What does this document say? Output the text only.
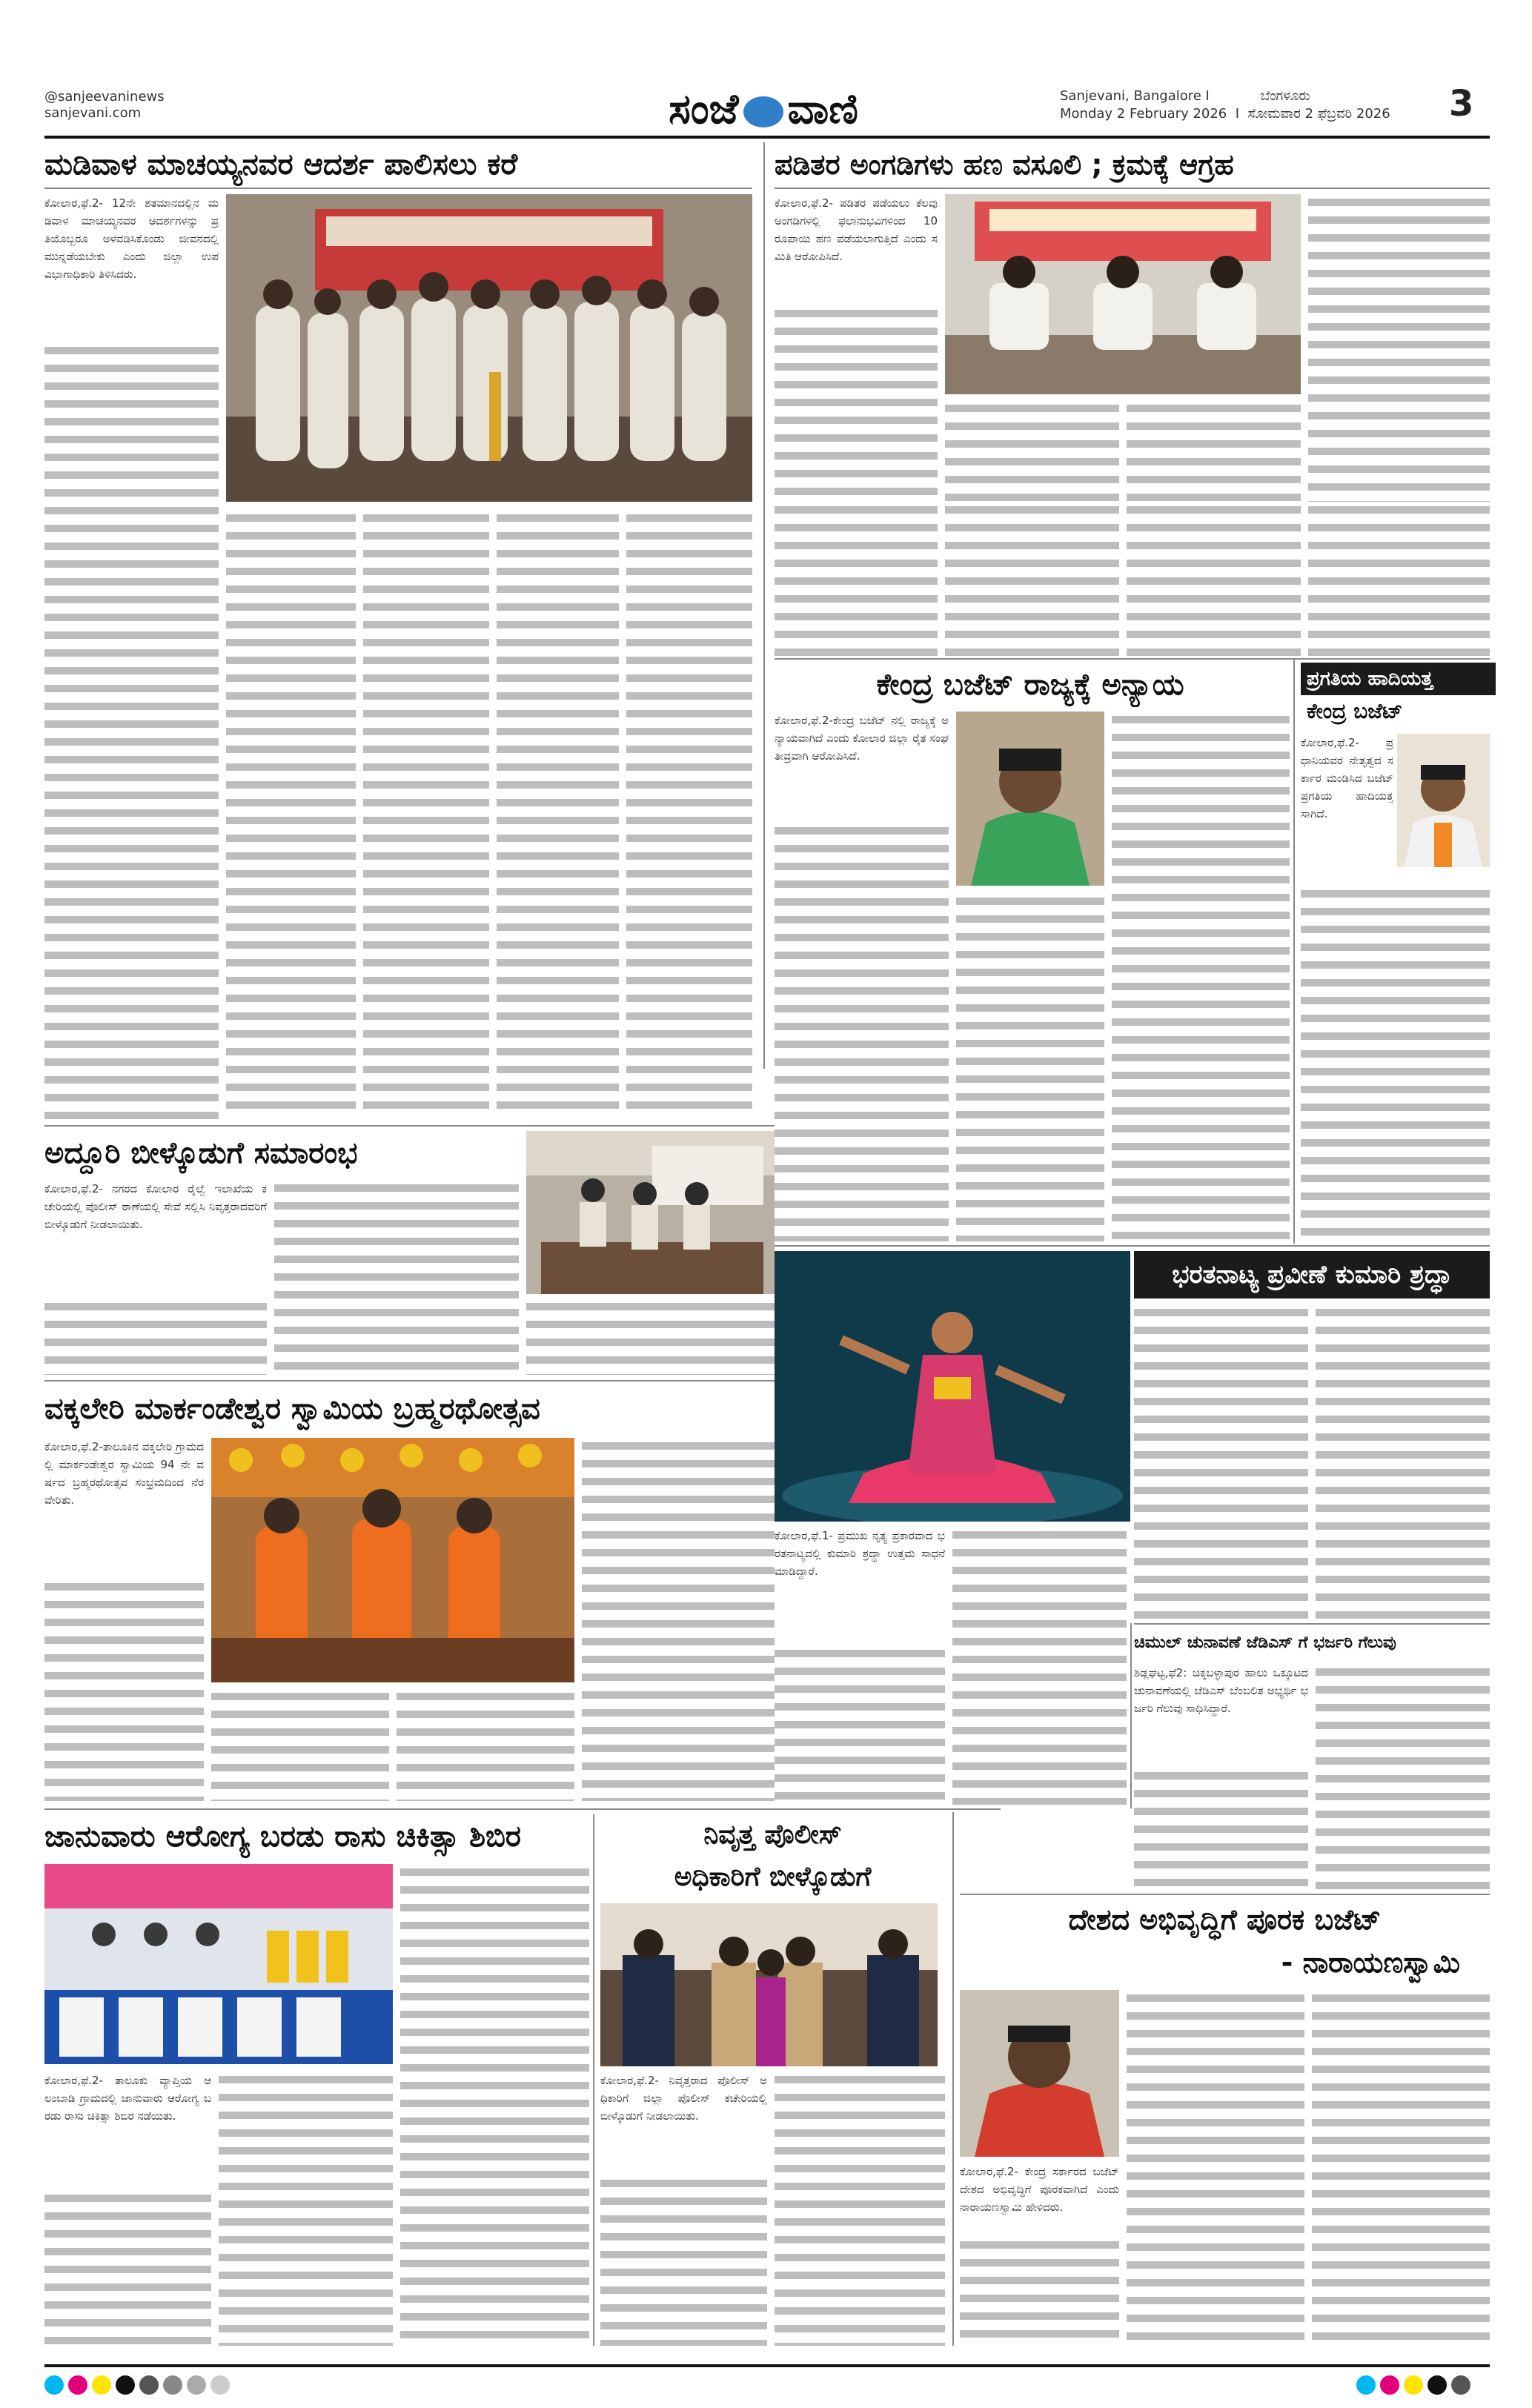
@sanjeevaninews
sanjevani.com	ಸಂಜೆ ವಾಣಿ	Sanjevani, Bangalore I	ಬೆಂಗಳೂರು
Monday 2 February 2026  I  ಸೋಮವಾರ 2 ಫೆಬ್ರವರಿ 2026 3
ಮಡಿವಾಳ ಮಾಚಯ್ಯನವರ ಆದರ್ಶ ಪಾಲಿಸಲು ಕರೆ
ಕೋಲಾರ,ಫೆ.2- 12ನೇ ಶತಮಾನದಲ್ಲಿನ ಮಡಿವಾಳ ಮಾಚಯ್ಯನವರ ಆದರ್ಶಗಳನ್ನು ಪ್ರತಿಯೊಬ್ಬರೂ ಅಳವಡಿಸಿಕೊಂಡು ಜೀವನದಲ್ಲಿ ಮುನ್ನಡೆಯಬೇಕು ಎಂದು ಜಿಲ್ಲಾ ಉಪವಿಭಾಗಾಧಿಕಾರಿ ತಿಳಿಸಿದರು.
ಅದ್ದೂರಿ ಬೀಳ್ಕೊಡುಗೆ ಸಮಾರಂಭ
ಕೋಲಾರ,ಫೆ.2- ನಗರದ ಕೋಲಾರ ರೈಲ್ವೆ ಇಲಾಖೆಯ ಕಚೇರಿಯಲ್ಲಿ ಪೊಲೀಸ್ ಠಾಣೆಯಲ್ಲಿ ಸೇವೆ ಸಲ್ಲಿಸಿ ನಿವೃತ್ತರಾದವರಿಗೆ ಬೀಳ್ಕೊಡುಗೆ ನೀಡಲಾಯಿತು.
ವಕ್ಕಲೇರಿ ಮಾರ್ಕಂಡೇಶ್ವರ ಸ್ವಾಮಿಯ ಬ್ರಹ್ಮರಥೋತ್ಸವ
ಕೋಲಾರ,ಫೆ.2-ತಾಲೂಕಿನ ವಕ್ಕಲೇರಿ ಗ್ರಾಮದಲ್ಲಿ ಮಾರ್ಕಂಡೇಶ್ವರ ಸ್ವಾಮಿಯ 94 ನೇ ವರ್ಷದ ಬ್ರಹ್ಮರಥೋತ್ಸವ ಸಂಭ್ರಮದಿಂದ ನೆರವೇರಿತು.
ಜಾನುವಾರು ಆರೋಗ್ಯ ಬರಡು ರಾಸು ಚಿಕಿತ್ಸಾ ಶಿಬಿರ
ಕೋಲಾರ,ಫೆ.2- ತಾಲೂಕು ವ್ಯಾಪ್ತಿಯ ಆಲಂಬಾಡಿ ಗ್ರಾಮದಲ್ಲಿ ಜಾನುವಾರು ಆರೋಗ್ಯ ಬರಡು ರಾಸು ಚಿಕಿತ್ಸಾ ಶಿಬಿರ ನಡೆಯಿತು.
ನಿವೃತ್ತ ಪೊಲೀಸ್
ಅಧಿಕಾರಿಗೆ ಬೀಳ್ಕೊಡುಗೆ
ಕೋಲಾರ,ಫೆ.2- ನಿವೃತ್ತರಾದ ಪೊಲೀಸ್ ಅಧಿಕಾರಿಗೆ ಜಿಲ್ಲಾ ಪೊಲೀಸ್ ಕಚೇರಿಯಲ್ಲಿ ಬೀಳ್ಕೊಡುಗೆ ನೀಡಲಾಯಿತು.
ಪಡಿತರ ಅಂಗಡಿಗಳು ಹಣ ವಸೂಲಿ ; ಕ್ರಮಕ್ಕೆ ಆಗ್ರಹ
ಕೋಲಾರ,ಫೆ.2- ಪಡಿತರ ಪಡೆಯಲು ಕೆಲವು ಅಂಗಡಿಗಳಲ್ಲಿ ಫಲಾನುಭವಿಗಳಿಂದ 10 ರೂಪಾಯಿ ಹಣ ಪಡೆಯಲಾಗುತ್ತಿದೆ ಎಂದು ಸಮಿತಿ ಆರೋಪಿಸಿದೆ.
ಕೇಂದ್ರ ಬಜೆಟ್ ರಾಜ್ಯಕ್ಕೆ ಅನ್ಯಾಯ
ಕೋಲಾರ,ಫೆ.2-ಕೇಂದ್ರ ಬಜೆಟ್ ನಲ್ಲಿ ರಾಜ್ಯಕ್ಕೆ ಅನ್ಯಾಯವಾಗಿದೆ ಎಂದು ಕೋಲಾರ ಜಿಲ್ಲಾ ರೈತ ಸಂಘ ತೀವ್ರವಾಗಿ ಆರೋಪಿಸಿದೆ.
ಪ್ರಗತಿಯ ಹಾದಿಯತ್ತ
ಕೇಂದ್ರ ಬಜೆಟ್
ಕೋಲಾರ,ಫೆ.2- ಪ್ರಧಾನಿಯವರ ನೇತೃತ್ವದ ಸರ್ಕಾರ ಮಂಡಿಸಿದ ಬಜೆಟ್ ಪ್ರಗತಿಯ ಹಾದಿಯತ್ತ ಸಾಗಿದೆ.
ಭರತನಾಟ್ಯ ಪ್ರವೀಣೆ ಕುಮಾರಿ ಶ್ರದ್ಧಾ
ಕೋಲಾರ,ಫೆ.1- ಪ್ರಮುಖ ನೃತ್ಯ ಪ್ರಕಾರವಾದ ಭರತನಾಟ್ಯದಲ್ಲಿ ಕುಮಾರಿ ಶ್ರದ್ಧಾ ಉತ್ತಮ ಸಾಧನೆ ಮಾಡಿದ್ದಾರೆ.
ಚಿಮುಲ್ ಚುನಾವಣೆ ಜೆಡಿಎಸ್ ಗೆ ಭರ್ಜರಿ ಗೆಲುವು
ಶಿಡ್ಲಘಟ್ಟ,ಫೆ2: ಚಿಕ್ಕಬಳ್ಳಾಪುರ ಹಾಲು ಒಕ್ಕೂಟದ ಚುನಾವಣೆಯಲ್ಲಿ ಜೆಡಿಎಸ್ ಬೆಂಬಲಿತ ಅಭ್ಯರ್ಥಿ ಭರ್ಜರಿ ಗೆಲುವು ಸಾಧಿಸಿದ್ದಾರೆ.
ದೇಶದ ಅಭಿವೃದ್ಧಿಗೆ ಪೂರಕ ಬಜೆಟ್
- ನಾರಾಯಣಸ್ವಾಮಿ
ಕೋಲಾರ,ಫೆ.2- ಕೇಂದ್ರ ಸರ್ಕಾರದ ಬಜೆಟ್ ದೇಶದ ಅಭಿವೃದ್ಧಿಗೆ ಪೂರಕವಾಗಿದೆ ಎಂದು ನಾರಾಯಣಸ್ವಾಮಿ ಹೇಳಿದರು.
